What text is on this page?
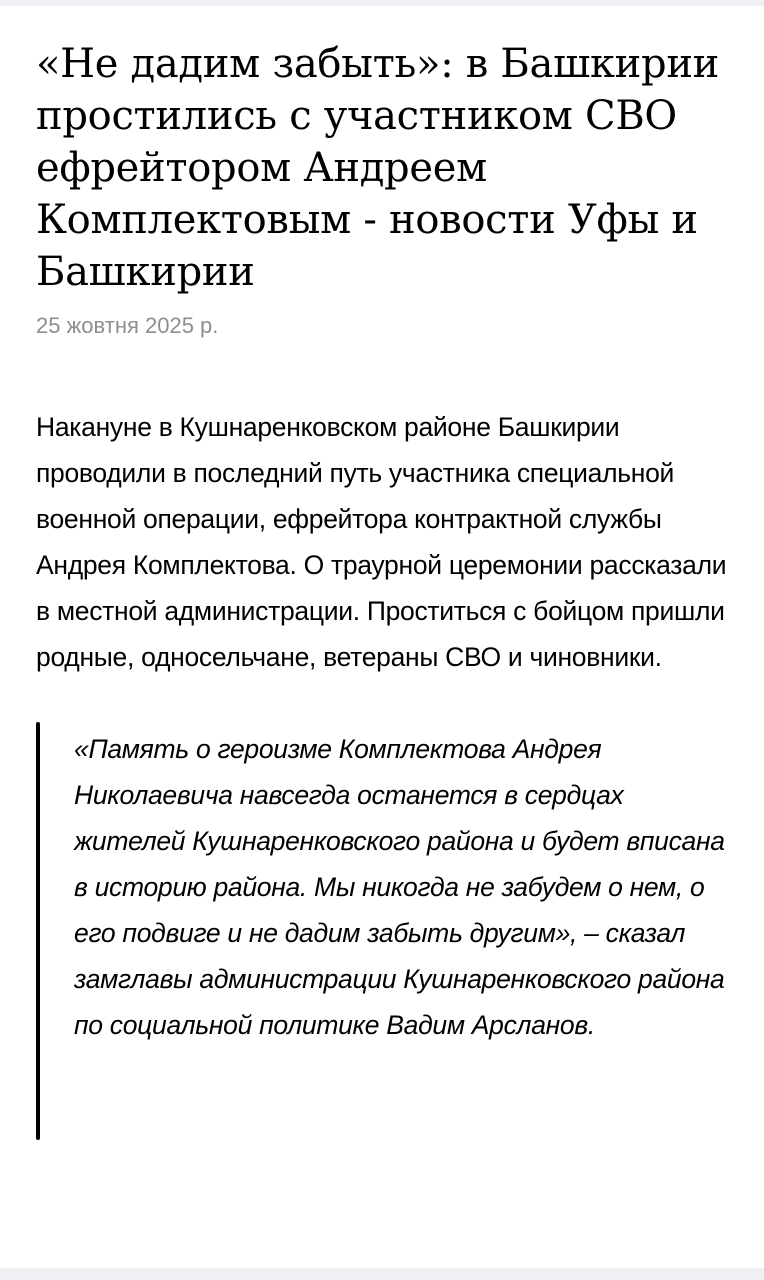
«Не дадим забыть»: в Башкирии простились с участником СВО ефрейтором Андреем Комплектовым - новости Уфы и Башкирии
25 жовтня 2025 р.

Накануне в Кушнаренковском районе Башкирии проводили в последний путь участника специальной военной операции, ефрейтора контрактной службы Андрея Комплектова. О траурной церемонии рассказали в местной администрации. Проститься с бойцом пришли родные, односельчане, ветераны СВО и чиновники.

«Память о героизме Комплектова Андрея Николаевича навсегда останется в сердцах жителей Кушнаренковского района и будет вписана в историю района. Мы никогда не забудем о нем, о его подвиге и не дадим забыть другим», – сказал замглавы администрации Кушнаренковского района по социальной политике Вадим Арсланов.
